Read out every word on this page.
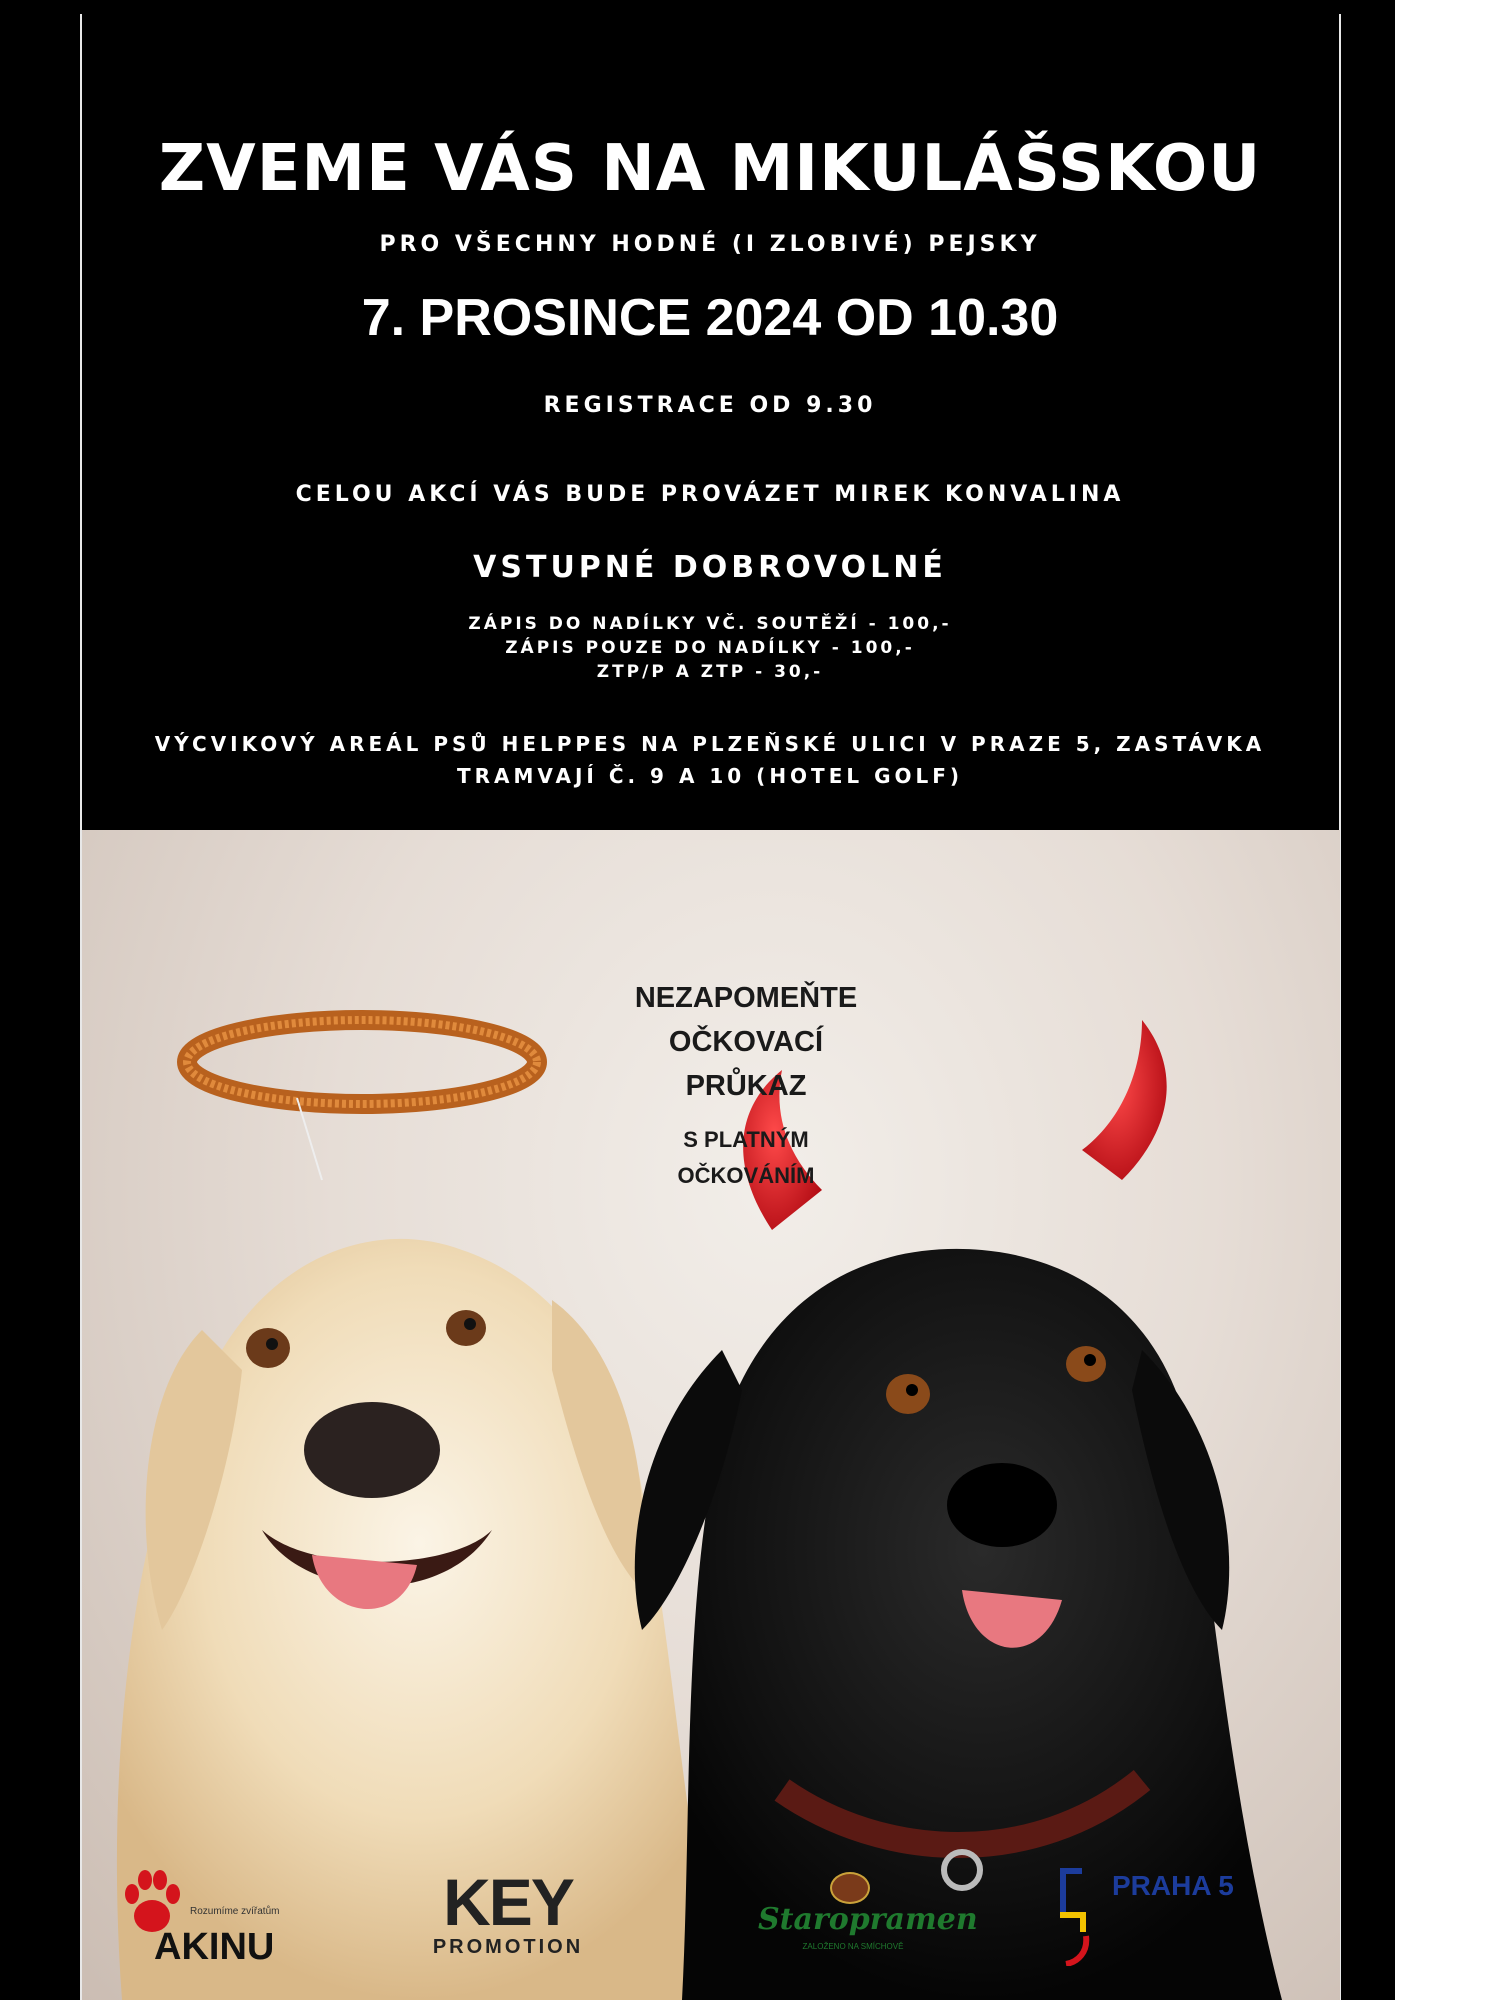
ZVEME VÁS NA MIKULÁŠSKOU
PRO VŠECHNY HODNÉ (I ZLOBIVÉ) PEJSKY
7. PROSINCE 2024 OD 10.30
REGISTRACE OD 9.30
CELOU AKCÍ VÁS BUDE PROVÁZET MIREK KONVALINA
VSTUPNÉ DOBROVOLNÉ
ZÁPIS DO NADÍLKY VČ. SOUTĚŽÍ - 100,-
ZÁPIS POUZE DO NADÍLKY - 100,-
ZTP/P A ZTP - 30,-
VÝCVIKOVÝ AREÁL PSŮ HELPPES NA PLZEŇSKÉ ULICI V PRAZE 5, ZASTÁVKA
TRAMVAJÍ Č. 9 A 10 (HOTEL GOLF)
NEZAPOMEŇTE
OČKOVACÍ
PRŮKAZ
S PLATNÝM
OČKOVÁNÍM
Rozumíme zvířatům
AKINU
KEY
PROMOTION
Staropramen
ZALOŽENO NA SMÍCHOVĚ
PRAHA 5
